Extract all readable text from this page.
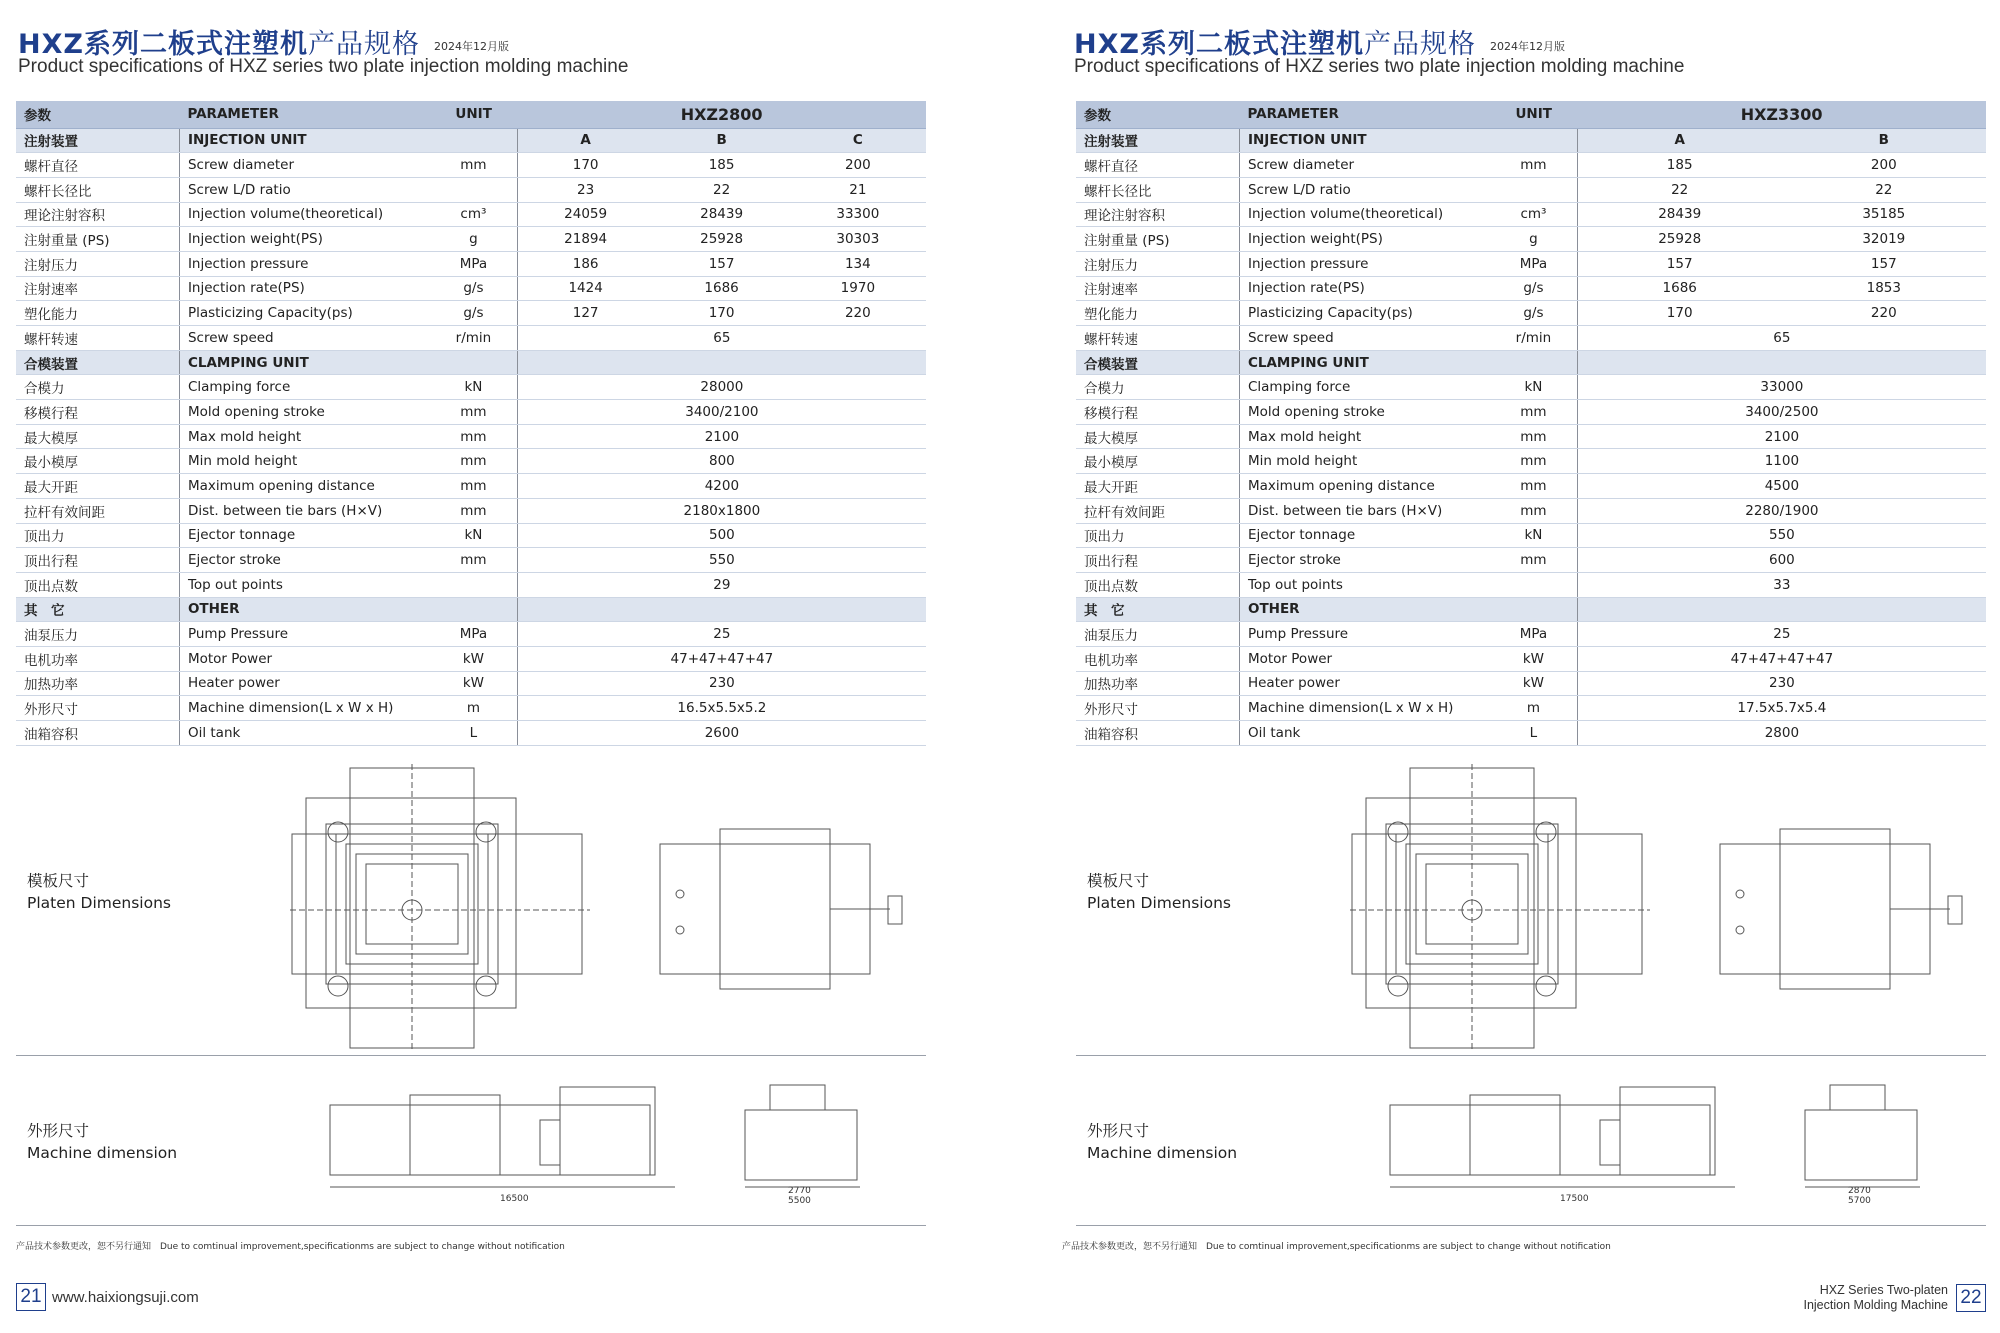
HXZ系列二板式注塑机产品规格 2024年12月版
Product specifications of HXZ series two plate injection molding machine
参数	PARAMETER	UNIT	HXZ2800		
注射装置	INJECTION UNIT		A	B	C
螺杆直径	Screw diameter	mm	170	185	200
螺杆长径比	Screw L/D ratio		23	22	21
理论注射容积	Injection volume(theoretical)	cm³	24059	28439	33300
注射重量 (PS)	Injection weight(PS)	g	21894	25928	30303
注射压力	Injection pressure	MPa	186	157	134
注射速率	Injection rate(PS)	g/s	1424	1686	1970
塑化能力	Plasticizing Capacity(ps)	g/s	127	170	220
螺杆转速	Screw speed	r/min	65		
合模装置	CLAMPING UNIT				
合模力	Clamping force	kN	28000		
移模行程	Mold opening stroke	mm	3400/2100		
最大模厚	Max mold height	mm	2100		
最小模厚	Min mold height	mm	800		
最大开距	Maximum opening distance	mm	4200		
拉杆有效间距	Dist. between tie bars (H×V)	mm	2180x1800		
顶出力	Ejector tonnage	kN	500		
顶出行程	Ejector stroke	mm	550		
顶出点数	Top out points		29		
其　它	OTHER				
油泵压力	Pump Pressure	MPa	25		
电机功率	Motor Power	kW	47+47+47+47		
加热功率	Heater power	kW	230		
外形尺寸	Machine dimension(L x W x H)	m	16.5x5.5x5.2		
油箱容积	Oil tank	L	2600		
模板尺寸
Platen Dimensions
外形尺寸
Machine dimension
16500
2770
5500
产品技术参数更改，恕不另行通知　Due to comtinual improvement,specificationms are subject to change without notification
21 www.haixiongsuji.com
HXZ系列二板式注塑机产品规格 2024年12月版
Product specifications of HXZ series two plate injection molding machine
参数	PARAMETER	UNIT	HXZ3300	
注射装置	INJECTION UNIT		A	B
螺杆直径	Screw diameter	mm	185	200
螺杆长径比	Screw L/D ratio		22	22
理论注射容积	Injection volume(theoretical)	cm³	28439	35185
注射重量 (PS)	Injection weight(PS)	g	25928	32019
注射压力	Injection pressure	MPa	157	157
注射速率	Injection rate(PS)	g/s	1686	1853
塑化能力	Plasticizing Capacity(ps)	g/s	170	220
螺杆转速	Screw speed	r/min	65	
合模装置	CLAMPING UNIT			
合模力	Clamping force	kN	33000	
移模行程	Mold opening stroke	mm	3400/2500	
最大模厚	Max mold height	mm	2100	
最小模厚	Min mold height	mm	1100	
最大开距	Maximum opening distance	mm	4500	
拉杆有效间距	Dist. between tie bars (H×V)	mm	2280/1900	
顶出力	Ejector tonnage	kN	550	
顶出行程	Ejector stroke	mm	600	
顶出点数	Top out points		33	
其　它	OTHER			
油泵压力	Pump Pressure	MPa	25	
电机功率	Motor Power	kW	47+47+47+47	
加热功率	Heater power	kW	230	
外形尺寸	Machine dimension(L x W x H)	m	17.5x5.7x5.4	
油箱容积	Oil tank	L	2800	
模板尺寸
Platen Dimensions
外形尺寸
Machine dimension
17500
2870
5700
产品技术参数更改，恕不另行通知　Due to comtinual improvement,specificationms are subject to change without notification
HXZ Series Two-platen
Injection Molding Machine 22
